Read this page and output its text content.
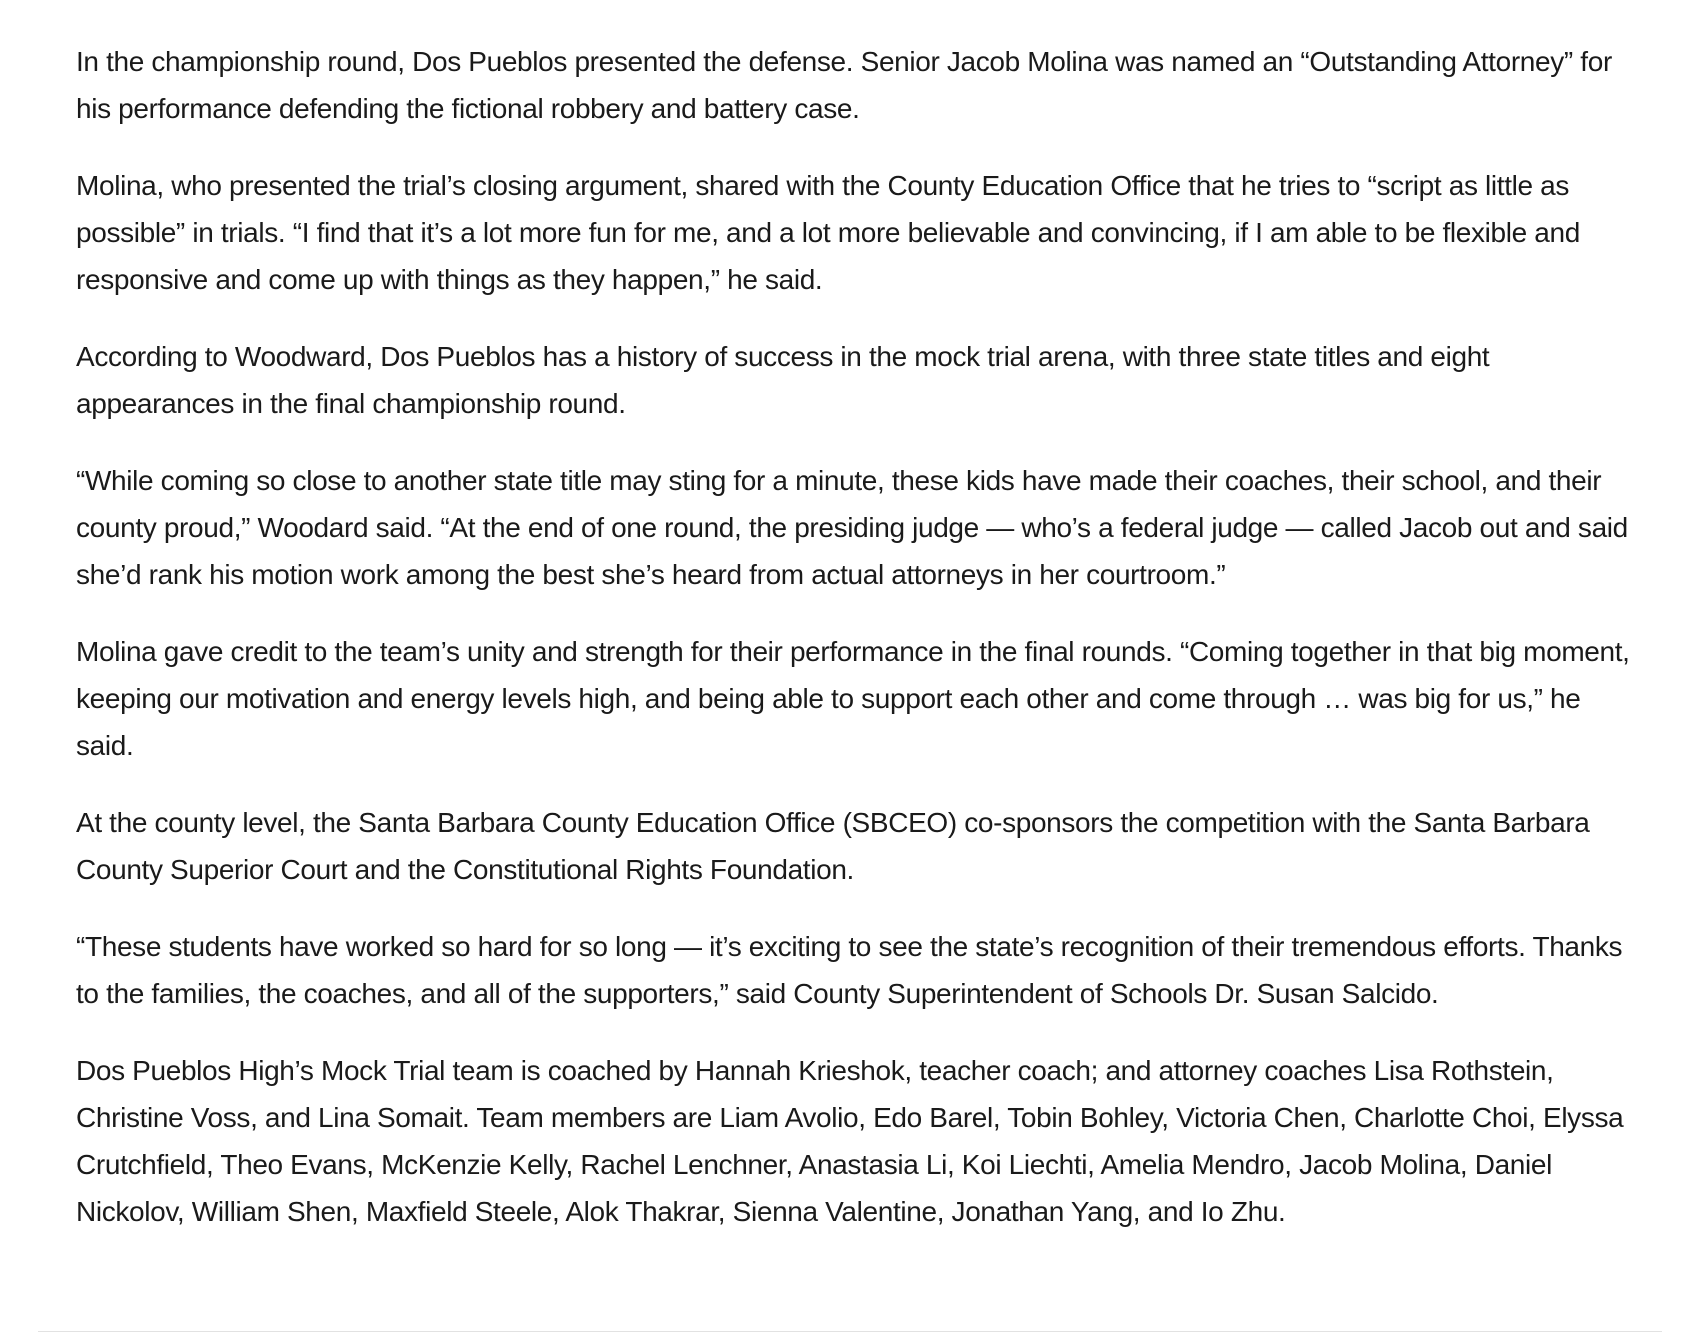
In the championship round, Dos Pueblos presented the defense. Senior Jacob Molina was named an “Outstanding Attorney” for his performance defending the fictional robbery and battery case.

Molina, who presented the trial’s closing argument, shared with the County Education Office that he tries to “script as little as possible” in trials. “I find that it’s a lot more fun for me, and a lot more believable and convincing, if I am able to be flexible and responsive and come up with things as they happen,” he said.

According to Woodward, Dos Pueblos has a history of success in the mock trial arena, with three state titles and eight appearances in the final championship round.

“While coming so close to another state title may sting for a minute, these kids have made their coaches, their school, and their county proud,” Woodard said. “At the end of one round, the presiding judge — who’s a federal judge — called Jacob out and said she’d rank his motion work among the best she’s heard from actual attorneys in her courtroom.”

Molina gave credit to the team’s unity and strength for their performance in the final rounds. “Coming together in that big moment, keeping our motivation and energy levels high, and being able to support each other and come through … was big for us,” he said.

At the county level, the Santa Barbara County Education Office (SBCEO) co-sponsors the competition with the Santa Barbara County Superior Court and the Constitutional Rights Foundation.

“These students have worked so hard for so long — it’s exciting to see the state’s recognition of their tremendous efforts. Thanks to the families, the coaches, and all of the supporters,” said County Superintendent of Schools Dr. Susan Salcido.

Dos Pueblos High’s Mock Trial team is coached by Hannah Krieshok, teacher coach; and attorney coaches Lisa Rothstein, Christine Voss, and Lina Somait. Team members are Liam Avolio, Edo Barel, Tobin Bohley, Victoria Chen, Charlotte Choi, Elyssa Crutchfield, Theo Evans, McKenzie Kelly, Rachel Lenchner, Anastasia Li, Koi Liechti, Amelia Mendro, Jacob Molina, Daniel Nickolov, William Shen, Maxfield Steele, Alok Thakrar, Sienna Valentine, Jonathan Yang, and Io Zhu.
